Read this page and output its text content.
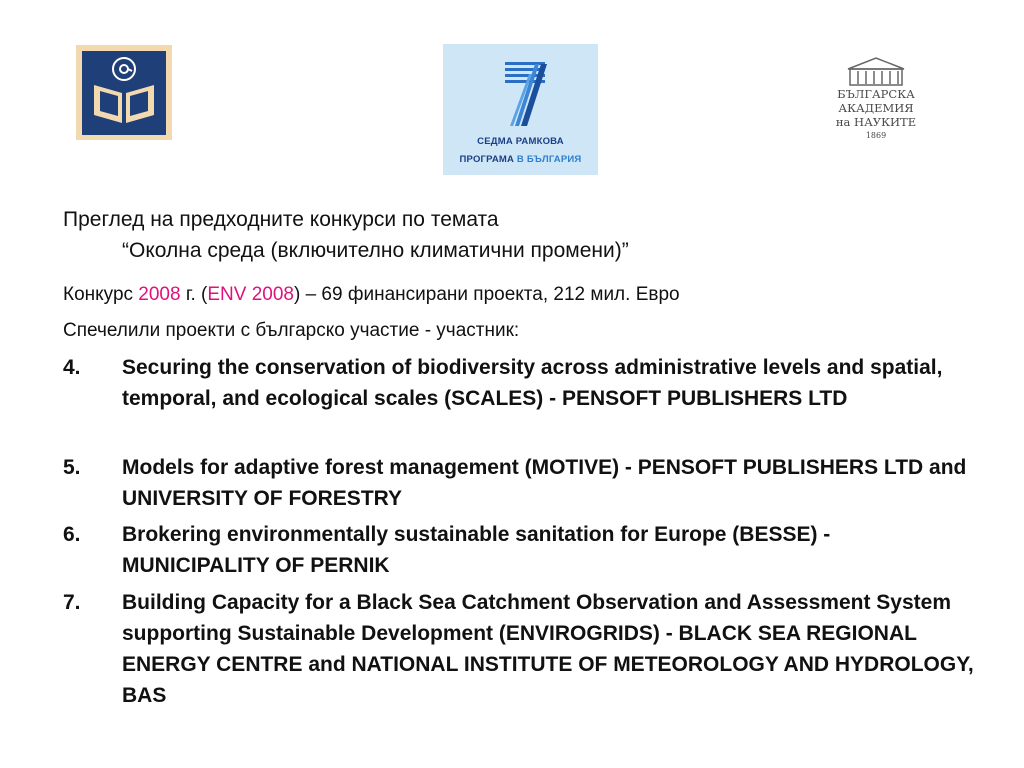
СЕДМА РАМКОВА
ПРОГРАМА В БЪЛГАРИЯ
БЪЛГАРСКА
АКАДЕМИЯ
на НАУКИТЕ
1869
Преглед на предходните конкурси по темата
“Околна среда (включително климатични промени)”
Конкурс 2008 г. (ENV 2008) – 69 финансирани проекта, 212 мил. Евро
Спечелили проекти с българско участие - участник:
4. Securing the conservation of biodiversity across administrative levels and spatial, temporal, and ecological scales (SCALES) - PENSOFT PUBLISHERS LTD
5. Models for adaptive forest management (MOTIVE) - PENSOFT PUBLISHERS LTD and UNIVERSITY OF FORESTRY
6. Brokering environmentally sustainable sanitation for Europe (BESSE) - MUNICIPALITY OF PERNIK
7. Building Capacity for a Black Sea Catchment Observation and Assessment System supporting Sustainable Development (ENVIROGRIDS) - BLACK SEA REGIONAL ENERGY CENTRE and NATIONAL INSTITUTE OF METEOROLOGY AND HYDROLOGY, BAS
